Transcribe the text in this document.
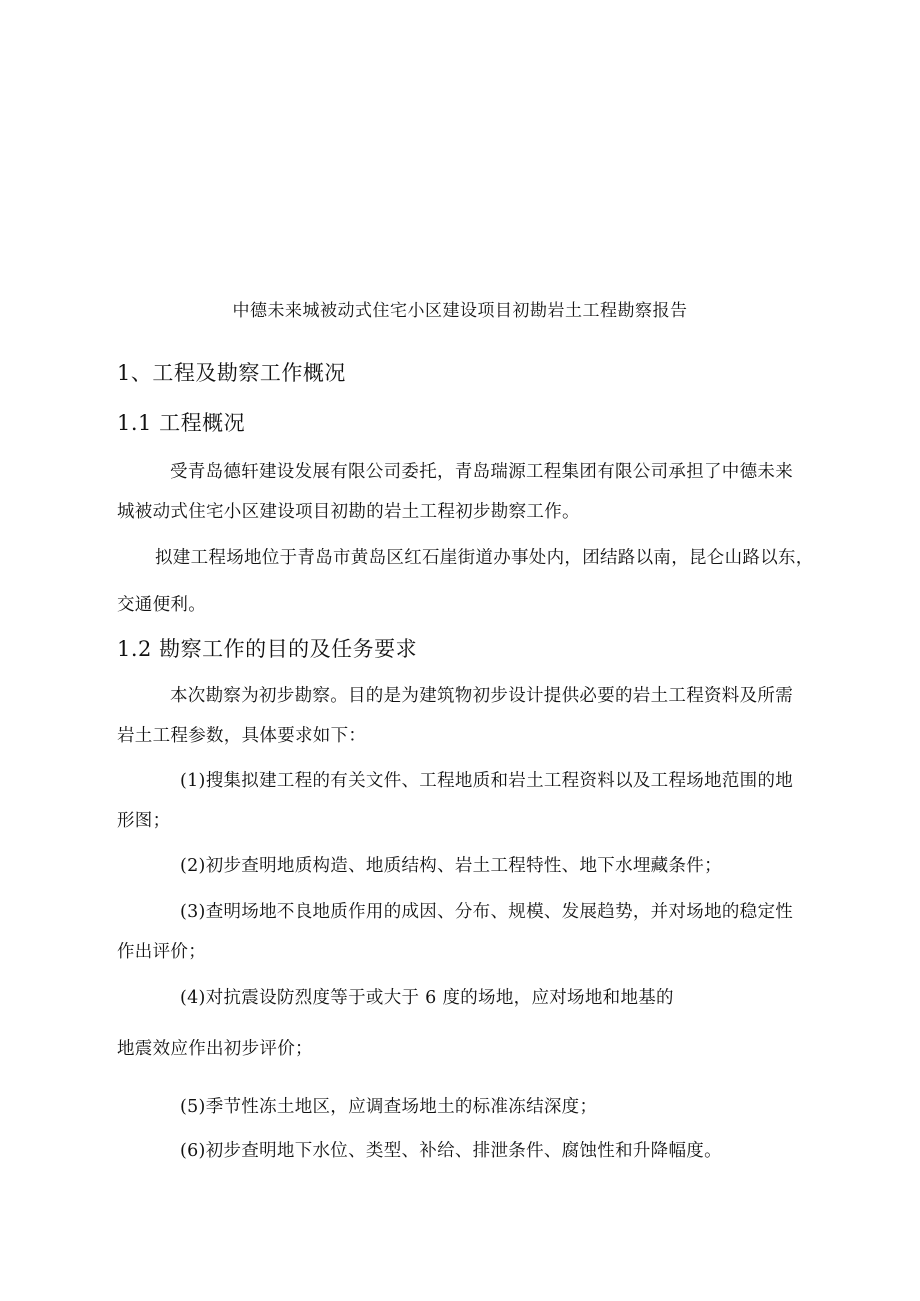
中德未来城被动式住宅小区建设项目初勘岩土工程勘察报告
1、工程及勘察工作概况
1.1 工程概况
受青岛德轩建设发展有限公司委托，青岛瑞源工程集团有限公司承担了中德未来
城被动式住宅小区建设项目初勘的岩土工程初步勘察工作。
拟建工程场地位于青岛市黄岛区红石崖街道办事处内，团结路以南，昆仑山路以东，
交通便利。
1.2 勘察工作的目的及任务要求
本次勘察为初步勘察。目的是为建筑物初步设计提供必要的岩土工程资料及所需
岩土工程参数，具体要求如下：
(1)搜集拟建工程的有关文件、工程地质和岩土工程资料以及工程场地范围的地
形图；
(2)初步查明地质构造、地质结构、岩土工程特性、地下水埋藏条件；
(3)查明场地不良地质作用的成因、分布、规模、发展趋势，并对场地的稳定性
作出评价；
(4)对抗震设防烈度等于或大于 6 度的场地，应对场地和地基的
地震效应作出初步评价；
(5)季节性冻土地区，应调查场地土的标准冻结深度；
(6)初步查明地下水位、类型、补给、排泄条件、腐蚀性和升降幅度。
